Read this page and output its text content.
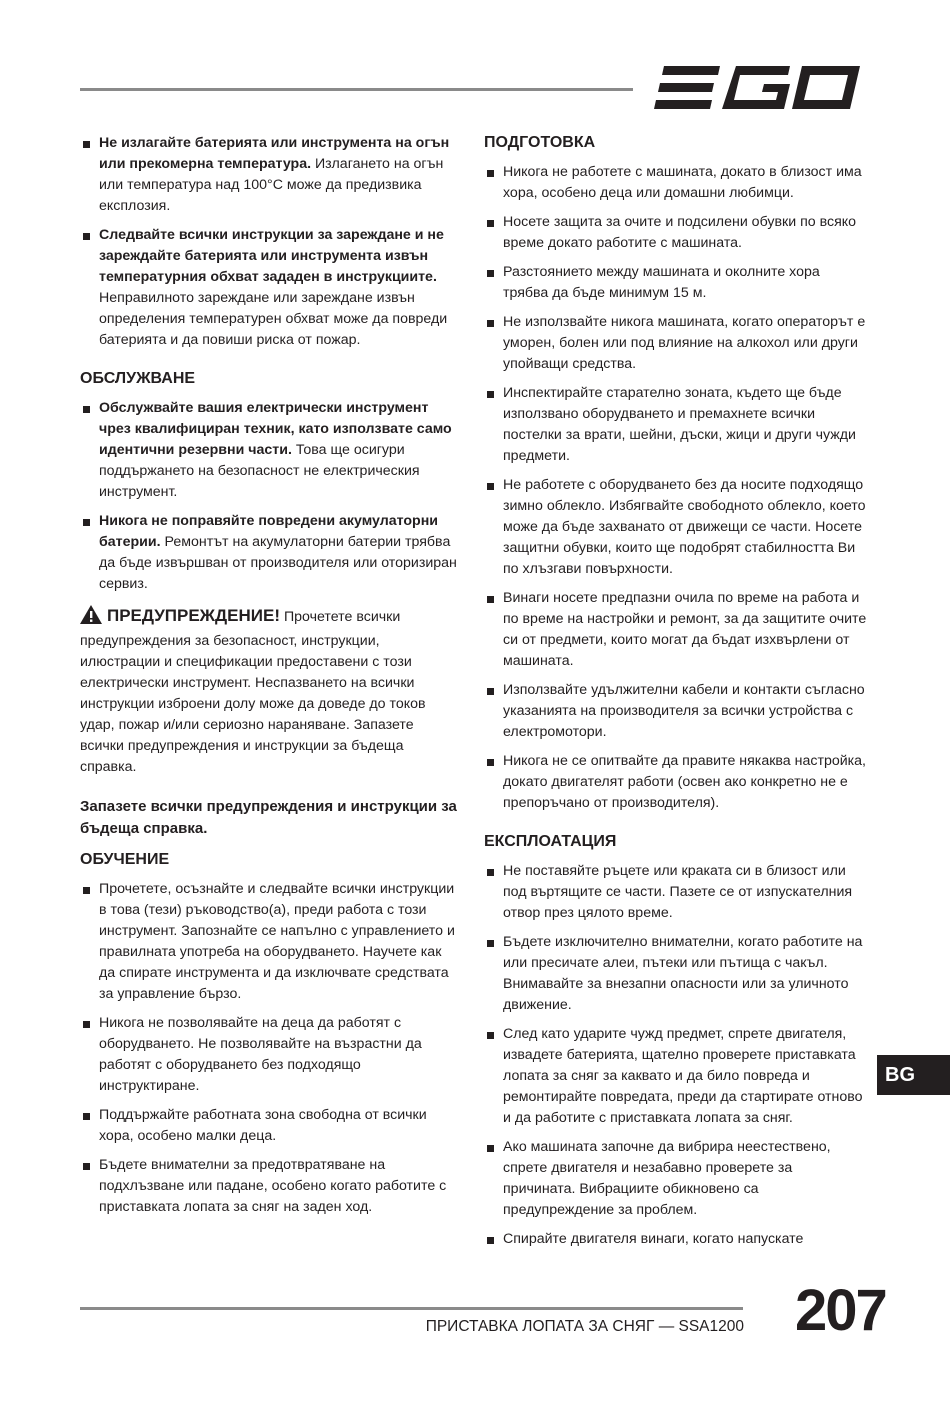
Не излагайте батерията или инструмента на огън или прекомерна температура. Излагането на огън или температура над 100°C може да предизвика експлозия.
Следвайте всички инструкции за зареждане и не зареждайте батерията или инструмента извън температурния обхват зададен в инструкциите. Неправилното зареждане или зареждане извън определения температурен обхват може да повреди батерията и да повиши риска от пожар.
ОБСЛУЖВАНЕ
Обслужвайте вашия електрически инструмент чрез квалифициран техник, като използвате само идентични резервни части. Това ще осигури поддържането на безопасност не електрическия инструмент.
Никога не поправяйте повредени акумулаторни батерии. Ремонтът на акумулаторни батерии трябва да бъде извършван от производителя или оторизиран сервиз.
ПРЕДУПРЕЖДЕНИЕ! Прочетете всички предупреждения за безопасност, инструкции, илюстрации и спецификации предоставени с този електрически инструмент. Неспазването на всички инструкции изброени долу може да доведе до токов удар, пожар и/или сериозно нараняване. Запазете всички предупреждения и инструкции за бъдеща справка.
Запазете всички предупреждения и инструкции за бъдеща справка.
ОБУЧЕНИЕ
Прочетете, осъзнайте и следвайте всички инструкции в това (тези) ръководство(а), преди работа с този инструмент. Запознайте се напълно с управлението и правилната употреба на оборудването. Научете как да спирате инструмента и да изключвате средствата за управление бързо.
Никога не позволявайте на деца да работят с оборудването. Не позволявайте на възрастни да работят с оборудването без подходящо инструктиране.
Поддържайте работната зона свободна от всички хора, особено малки деца.
Бъдете внимателни за предотвратяване на подхлъзване или падане, особено когато работите с приставката лопата за сняг на заден ход.
ПОДГОТОВКА
Никога не работете с машината, докато в близост има хора, особено деца или домашни любимци.
Носете защита за очите и подсилени обувки по всяко време докато работите с машината.
Разстоянието между машината и околните хора трябва да бъде минимум 15 м.
Не използвайте никога машината, когато операторът е уморен, болен или под влияние на алкохол или други упойващи средства.
Инспектирайте старателно зоната, където ще бъде използвано оборудването и премахнете всички постелки за врати, шейни, дъски, жици и други чужди предмети.
Не работете с оборудването без да носите подходящо зимно облекло. Избягвайте свободното облекло, което може да бъде захванато от движещи се части. Носете защитни обувки, които ще подобрят стабилността Ви по хлъзгави повърхности.
Винаги носете предпазни очила по време на работа и по време на настройки и ремонт, за да защитите очите си от предмети, които могат да бъдат изхвърлени от машината.
Използвайте удължителни кабели и контакти съгласно указанията на производителя за всички устройства с електромотори.
Никога не се опитвайте да правите някаква настройка, докато двигателят работи (освен ако конкретно не е препоръчано от производителя).
ЕКСПЛОАТАЦИЯ
Не поставяйте ръцете или краката си в близост или под въртящите се части. Пазете се от изпускателния отвор през цялото време.
Бъдете изключително внимателни, когато работите на или пресичате алеи, пътеки или пътища с чакъл. Внимавайте за внезапни опасности или за уличното движение.
След като ударите чужд предмет, спрете двигателя, извадете батерията, щателно проверете приставката лопата за сняг за каквато и да било повреда и ремонтирайте повредата, преди да стартирате отново и да работите с приставката лопата за сняг.
Ако машината започне да вибрира неестествено, спрете двигателя и незабавно проверете за причината. Вибрациите обикновено са предупреждение за проблем.
Спирайте двигателя винаги, когато напускате
BG
ПРИСТАВКА ЛОПАТА ЗА СНЯГ — SSA1200 207
